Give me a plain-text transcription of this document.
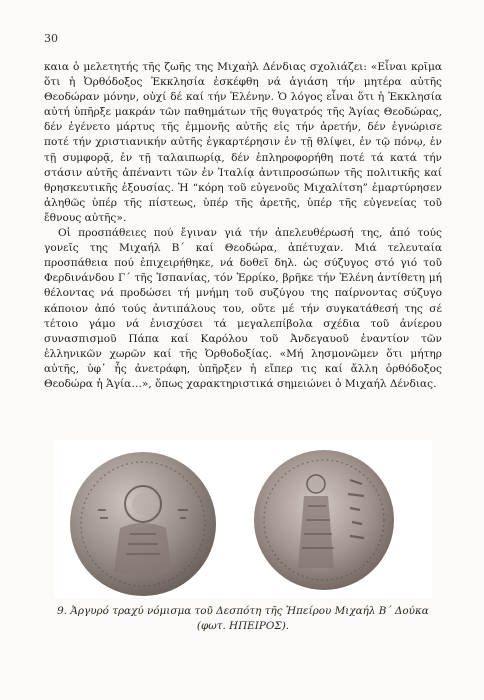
30

καια ὁ μελετητής τῆς ζωῆς της Μιχαὴλ Δένδιας σχολιάζει: «Εἶναι κρῖμα ὅτι ἡ Ὀρθόδοξος Ἐκκλησία ἐσκέφθη νά ἁγιάση τήν μητέρα αὐτῆς Θεοδώραν μόνην, οὐχί δέ καί τήν Ἑλένην. Ὁ λόγος εἶναι ὅτι ἡ Ἐκκλησία αὐτή ὑπῆρξε μακράν τῶν παθημάτων τῆς θυγατρός τῆς Ἁγίας Θεοδώρας, δέν ἐγένετο μάρτυς τῆς ἐμμονῆς αὐτῆς εἰς τήν ἀρετήν, δέν ἐγνώρισε ποτέ τήν χριστιανικήν αὐτῆς ἐγκαρτέρησιν ἐν τῇ θλίψει, ἐν τῷ πόνῳ, ἐν τῇ συμφορᾷ, ἐν τῇ ταλαιπωρίᾳ, δέν ἐπληροφορήθη ποτέ τά κατά τήν στάσιν αὐτῆς ἀπέναντι τῶν ἐν Ἰταλίᾳ ἀντιπροσώπων τῆς πολιτικῆς καί θρησκευτικῆς ἐξουσίας. Ἡ “κόρη τοῦ εὐγενοῦς Μιχαλίτση” ἐμαρτύρησεν ἀληθῶς ὑπέρ τῆς πίστεως, ὑπέρ τῆς ἀρετῆς, ὑπέρ τῆς εὐγενείας τοῦ ἔθνους αὐτῆς».

Οἱ προσπάθειες πού ἔγιναν γιά τήν ἀπελευθέρωσή της, ἀπό τούς γονεῖς της Μιχαήλ Β΄ καί Θεοδώρα, ἀπέτυχαν. Μιά τελευταία προσπάθεια πού ἐπιχειρήθηκε, νά δοθεῖ δηλ. ὡς σύζυγος στό γιό τοῦ Φερδινάνδου Γ΄ τῆς Ἰσπανίας, τόν Ἐρρίκο, βρῆκε τήν Ἑλένη ἀντίθετη μή θέλοντας νά προδώσει τή μνήμη τοῦ συζύγου της παίρνοντας σύζυγο κάποιον ἀπό τούς ἀντιπάλους του, οὔτε μέ τήν συγκατάθεσή της σέ τέτοιο γάμο νά ἐνισχύσει τά μεγαλεπίβολα σχέδια τοῦ ἀνίερου συνασπισμοῦ Πάπα καί Καρόλου τοῦ Ἀνδεγαυοῦ ἐναντίον τῶν ἑλληνικῶν χωρῶν καί τῆς Ὀρθοδοξίας. «Μή λησμονῶμεν ὅτι μήτηρ αὐτῆς, ὑφ᾽ ἧς ἀνετράφη, ὑπῆρξεν ἡ εἴπερ τις καί ἄλλη ὀρθόδοξος Θεοδώρα ἡ Ἁγία…», ὅπως χαρακτηριστικά σημειώνει ὁ Μιχαήλ Δένδιας.

9. Ἀργυρό τραχύ νόμισμα τοῦ Δεσπότη τῆς Ἠπείρου Μιχαήλ Β΄ Δούκα

(φωτ. ΗΠΕΙΡΟΣ).
